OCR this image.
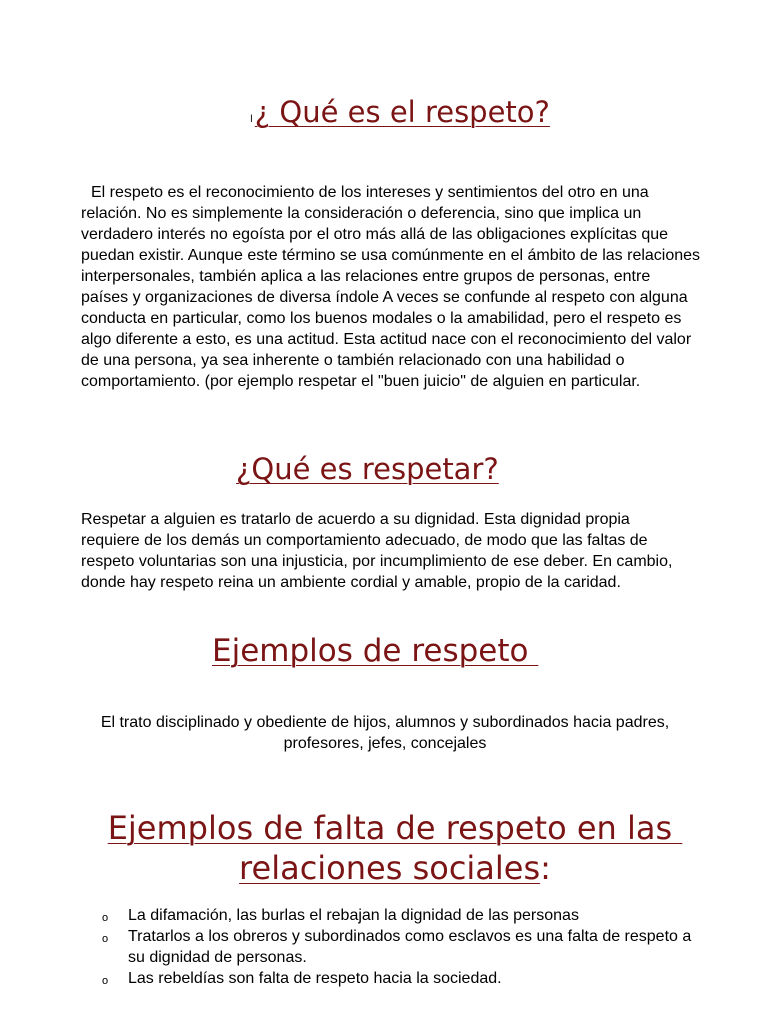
l¿ Qué es el respeto?

El respeto es el reconocimiento de los intereses y sentimientos del otro en una relación. No es simplemente la consideración o deferencia, sino que implica un verdadero interés no egoísta por el otro más allá de las obligaciones explícitas que puedan existir. Aunque este término se usa comúnmente en el ámbito de las relaciones interpersonales, también aplica a las relaciones entre grupos de personas, entre países y organizaciones de diversa índole A veces se confunde al respeto con alguna conducta en particular, como los buenos modales o la amabilidad, pero el respeto es algo diferente a esto, es una actitud. Esta actitud nace con el reconocimiento del valor de una persona, ya sea inherente o también relacionado con una habilidad o comportamiento. (por ejemplo respetar el "buen juicio" de alguien en particular.

¿Qué es respetar?

Respetar a alguien es tratarlo de acuerdo a su dignidad. Esta dignidad propia requiere de los demás un comportamiento adecuado, de modo que las faltas de respeto voluntarias son una injusticia, por incumplimiento de ese deber. En cambio, donde hay respeto reina un ambiente cordial y amable, propio de la caridad.

Ejemplos de respeto

El trato disciplinado y obediente de hijos, alumnos y subordinados hacia padres, profesores, jefes, concejales

Ejemplos de falta de respeto en las
relaciones sociales:
o La difamación, las burlas el rebajan la dignidad de las personas
o Tratarlos a los obreros y subordinados como esclavos es una falta de respeto a su dignidad de personas.
o Las rebeldías son falta de respeto hacia la sociedad.
